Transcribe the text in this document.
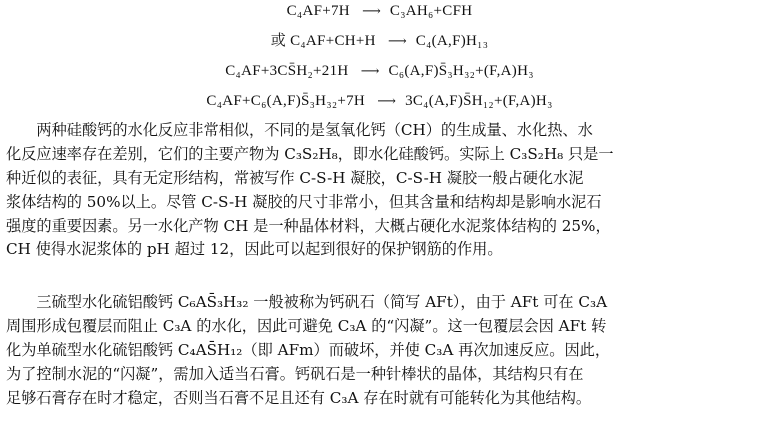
C₄AF+7H ⟶ C₃AH₆+CFH
或 C₄AF+CH+H ⟶ C₄(A,F)H₁₃
C₄AF+3CS̄H₂+21H ⟶ C₆(A,F)S̄₃H₃₂+(F,A)H₃
C₄AF+C₆(A,F)S̄₃H₃₂+7H ⟶ 3C₄(A,F)S̄H₁₂+(F,A)H₃
　　两种硅酸钙的水化反应非常相似，不同的是氢氧化钙（CH）的生成量、水化热、水
化反应速率存在差别，它们的主要产物为 C₃S₂H₈，即水化硅酸钙。实际上 C₃S₂H₈ 只是一
种近似的表征，具有无定形结构，常被写作 C-S-H 凝胶，C-S-H 凝胶一般占硬化水泥
浆体结构的 50%以上。尽管 C-S-H 凝胶的尺寸非常小，但其含量和结构却是影响水泥石
强度的重要因素。另一水化产物 CH 是一种晶体材料，大概占硬化水泥浆体结构的 25%，
CH 使得水泥浆体的 pH 超过 12，因此可以起到很好的保护钢筋的作用。
　　三硫型水化硫铝酸钙 C₆AS̄₃H₃₂ 一般被称为钙矾石（简写 AFt），由于 AFt 可在 C₃A
周围形成包覆层而阻止 C₃A 的水化，因此可避免 C₃A 的“闪凝”。这一包覆层会因 AFt 转
化为单硫型水化硫铝酸钙 C₄AS̄H₁₂（即 AFm）而破坏，并使 C₃A 再次加速反应。因此，
为了控制水泥的“闪凝”，需加入适当石膏。钙矾石是一种针棒状的晶体，其结构只有在
足够石膏存在时才稳定，否则当石膏不足且还有 C₃A 存在时就有可能转化为其他结构。
